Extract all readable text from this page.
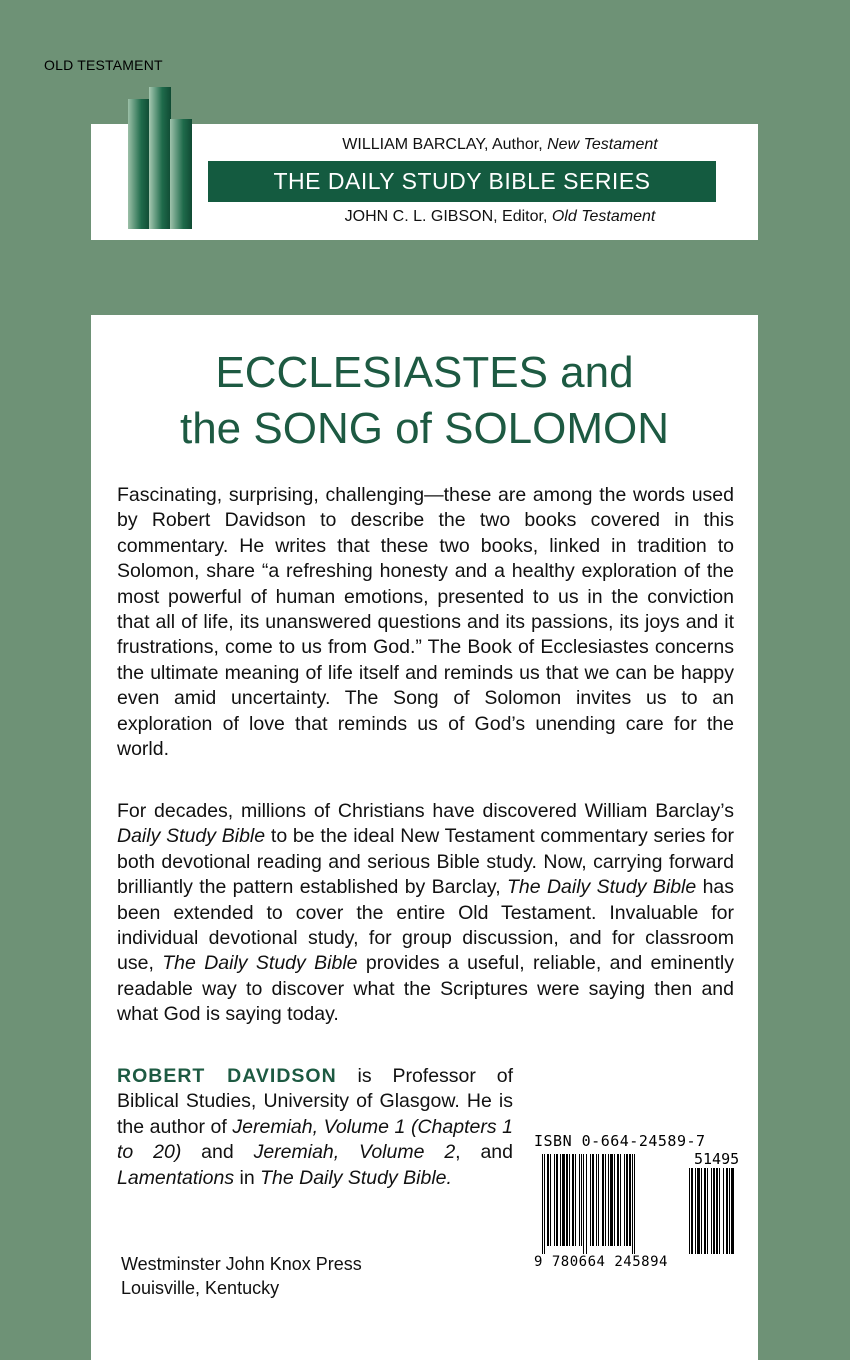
OLD TESTAMENT
WILLIAM BARCLAY, Author, New Testament
THE DAILY STUDY BIBLE SERIES
JOHN C. L. GIBSON, Editor, Old Testament
ECCLESIASTES and
the SONG of SOLOMON

Fascinating, surprising, challenging—these are among the words used by Robert Davidson to describe the two books covered in this commentary. He writes that these two books, linked in tradition to Solomon, share “a refreshing honesty and a healthy exploration of the most powerful of human emotions, presented to us in the conviction that all of life, its unanswered questions and its passions, its joys and it frustrations, come to us from God.” The Book of Ecclesiastes concerns the ultimate meaning of life itself and reminds us that we can be happy even amid uncertainty. The Song of Solomon invites us to an exploration of love that reminds us of God’s unending care for the world.

For decades, millions of Christians have discovered William Barclay’s Daily Study Bible to be the ideal New Testament commentary series for both devotional reading and serious Bible study. Now, carrying forward brilliantly the pattern established by Barclay, The Daily Study Bible has been extended to cover the entire Old Testament. Invaluable for individual devotional study, for group discussion, and for classroom use, The Daily Study Bible provides a useful, reliable, and eminently readable way to discover what the Scriptures were saying then and what God is saying today.

ROBERT DAVIDSON is Professor of Biblical Studies, University of Glasgow. He is the author of Jeremiah, Volume 1 (Chapters 1 to 20) and Jeremiah, Volume 2, and Lamentations in The Daily Study Bible.

Westminster John Knox Press
Louisville, Kentucky
ISBN 0-664-24589-7
51495
9 780664 245894
